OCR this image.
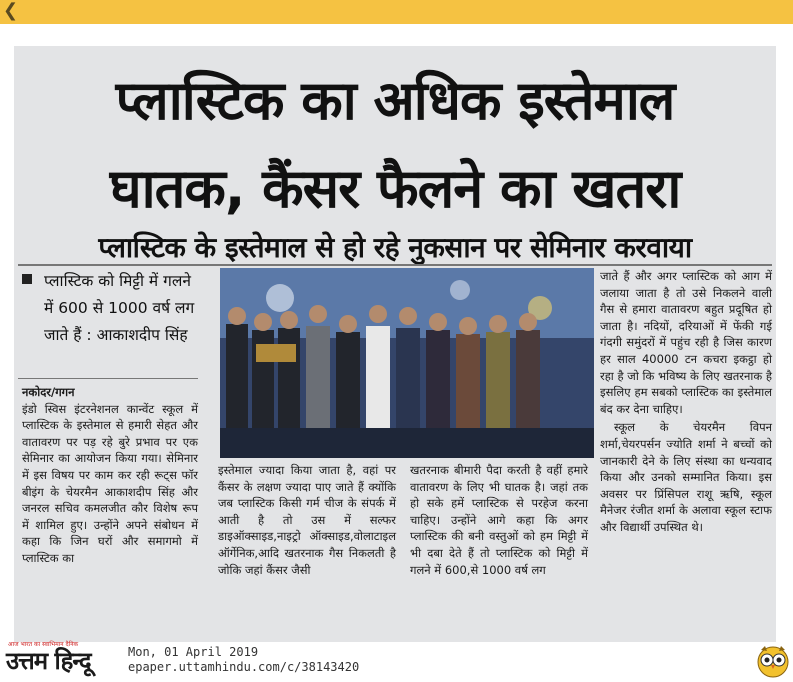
❮
प्लास्टिक का अधिक इस्तेमाल
घातक, कैंसर फैलने का खतरा
प्लास्टिक के इस्तेमाल से हो रहे नुकसान पर सेमिनार करवाया
प्लास्टिक को मिट्टी में गलने में 600 से 1000 वर्ष लग जाते हैं : आकाशदीप सिंह

नकोदर/गगन

इंडो स्विस इंटरनेशनल कान्वेंट स्कूल में प्लास्टिक के इस्तेमाल से हमारी सेहत और वातावरण पर पड़ रहे बुरे प्रभाव पर एक सेमिनार का आयोजन किया गया। सेमिनार में इस विषय पर काम कर रही रूट्स फॉर बीइंग के चेयरमैन आकाशदीप सिंह और जनरल सचिव कमलजीत कौर विशेष रूप में शामिल हुए। उन्होंने अपने संबोधन में कहा कि जिन घरों और समागमो में प्लास्टिक का

इस्तेमाल ज्यादा किया जाता है, वहां पर कैंसर के लक्षण ज्यादा पाए जाते हैं क्योंकि जब प्लास्टिक किसी गर्म चीज के संपर्क में आती है तो उस में सल्फर डाइऑक्साइड,नाइट्रो ऑक्साइड,वोलाटाइल ऑर्गेनिक,आदि खतरनाक गैस निकलती है जोकि जहां कैंसर जैसी

खतरनाक बीमारी पैदा करती है वहीं हमारे वातावरण के लिए भी घातक है। जहां तक हो सके हमें प्लास्टिक से परहेज करना चाहिए। उन्होंने आगे कहा कि अगर प्लास्टिक की बनी वस्तुओं को हम मिट्टी में भी दबा देते हैं तो प्लास्टिक को मिट्टी में गलने में 600,से 1000 वर्ष लग

जाते हैं और अगर प्लास्टिक को आग में जलाया जाता है तो उसे निकलने वाली गैस से हमारा वातावरण बहुत प्रदूषित हो जाता है। नदियों, दरियाओं में फेंकी गई गंदगी समुंदरों में पहुंच रही है जिस कारण हर साल 40000 टन कचरा इकट्ठा हो रहा है जो कि भविष्य के लिए खतरनाक है इसलिए हम सबको प्लास्टिक का इस्तेमाल बंद कर देना चाहिए।

स्कूल के चेयरमैन विपन शर्मा,चेयरपर्सन ज्योति शर्मा ने बच्चों को जानकारी देने के लिए संस्था का धन्यवाद किया और उनको सम्मानित किया। इस अवसर पर प्रिंसिपल राशू ऋषि, स्कूल मैनेजर रंजीत शर्मा के अलावा स्कूल स्टाफ और विद्यार्थी उपस्थित थे।

आज भारत का स्वाभिमान दैनिक
उत्तम हिन्दू	Mon, 01 April 2019
epaper.uttamhindu.com/c/38143420
